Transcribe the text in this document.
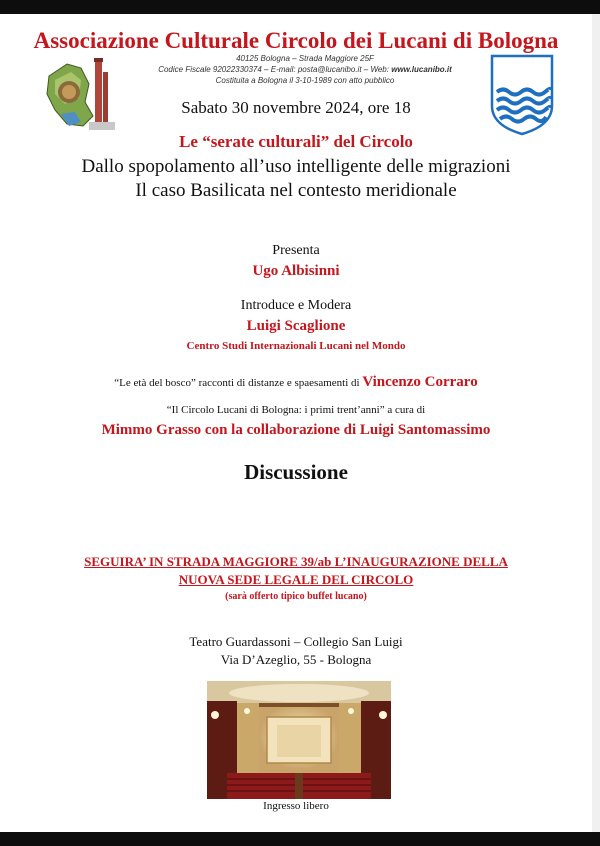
Associazione Culturale Circolo dei Lucani di Bologna
40125 Bologna – Strada Maggiore 25F
Codice Fiscale 92022330374 – E-mail: posta@lucanibo.it – Web: www.lucanibo.it
Costituita a Bologna il 3-10-1989 con atto pubblico
Sabato 30 novembre 2024, ore 18
Le “serate culturali” del Circolo
Dallo spopolamento all’uso intelligente delle migrazioni
Il caso Basilicata nel contesto meridionale
Presenta
Ugo Albisinni
Introduce e Modera
Luigi Scaglione
Centro Studi Internazionali Lucani nel Mondo
“Le età del bosco” racconti di distanze e spaesamenti di Vincenzo Corraro
“Il Circolo Lucani di Bologna: i primi trent’anni” a cura di
Mimmo Grasso con la collaborazione di Luigi Santomassimo
Discussione
SEGUIRA’ IN STRADA MAGGIORE 39/ab L’INAUGURAZIONE DELLA
NUOVA SEDE LEGALE DEL CIRCOLO
(sarà offerto tipico buffet lucano)
Teatro Guardassoni – Collegio San Luigi
Via D’Azeglio, 55 - Bologna
Ingresso libero
